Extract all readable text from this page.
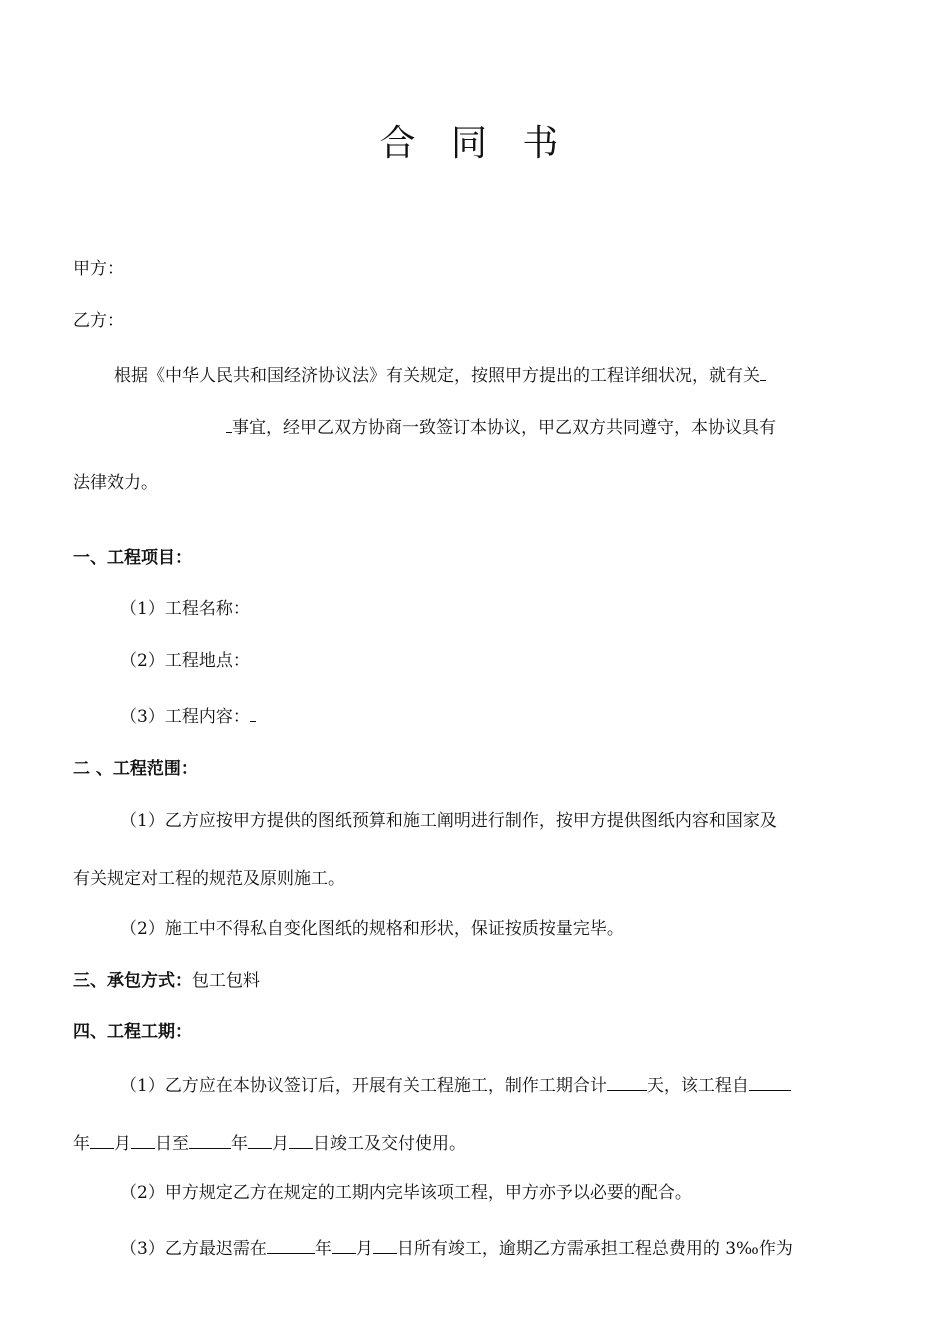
合 同 书
甲方：
乙方：
根据《中华人民共和国经济协议法》有关规定，按照甲方提出的工程详细状况，就有关
事宜，经甲乙双方协商一致签订本协议，甲乙双方共同遵守，本协议具有
法律效力。
一、工程项目：
（1）工程名称：
（2）工程地点：
（3）工程内容：
二 、工程范围：
（1）乙方应按甲方提供的图纸预算和施工阐明进行制作，按甲方提供图纸内容和国家及
有关规定对工程的规范及原则施工。
（2）施工中不得私自变化图纸的规格和形状，保证按质按量完毕。
三、承包方式：包工包料
四、工程工期：
（1）乙方应在本协议签订后，开展有关工程施工，制作工期合计 天，该工程自
年 月 日至 年 月 日竣工及交付使用。
（2）甲方规定乙方在规定的工期内完毕该项工程，甲方亦予以必要的配合。
（3）乙方最迟需在	年 月 日所有竣工，逾期乙方需承担工程总费用的 3‰作为
